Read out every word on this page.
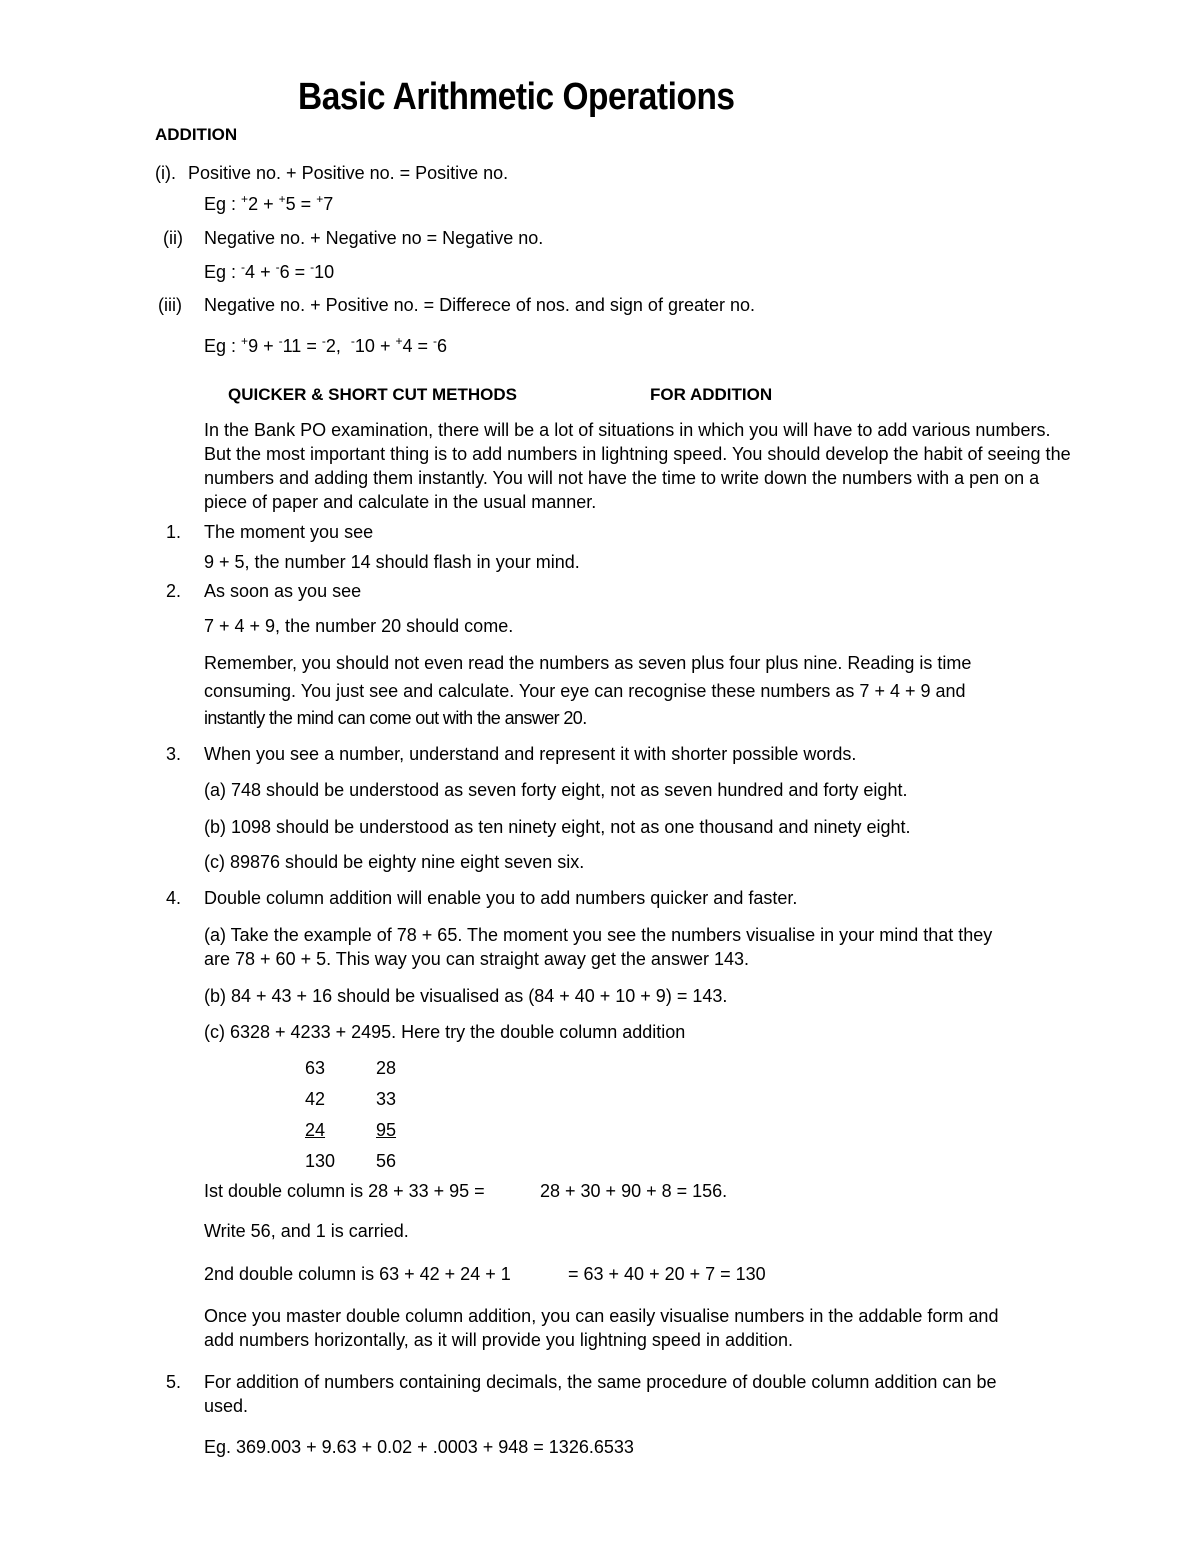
Basic Arithmetic Operations
ADDITION
(i). Positive no. + Positive no. = Positive no.
Eg : +2 + +5 = +7
(ii) Negative no. + Negative no = Negative no.
Eg : -4 + -6 = -10
(iii) Negative no. + Positive no. = Differece of nos. and sign of greater no.
Eg : +9 + -11 = -2, -10 + +4 = -6
QUICKER & SHORT CUT METHODS	FOR ADDITION
In the Bank PO examination, there will be a lot of situations in which you will have to add various numbers. But the most important thing is to add numbers in lightning speed. You should develop the habit of seeing the numbers and adding them instantly. You will not have the time to write down the numbers with a pen on a piece of paper and calculate in the usual manner.
1. The moment you see
9 + 5, the number 14 should flash in your mind.
2. As soon as you see
7 + 4 + 9, the number 20 should come.
Remember, you should not even read the numbers as seven plus four plus nine. Reading is time
consuming. You just see and calculate. Your eye can recognise these numbers as 7 + 4 + 9 and
instantly the mind can come out with the answer 20.
3. When you see a number, understand and represent it with shorter possible words.
(a) 748 should be understood as seven forty eight, not as seven hundred and forty eight.
(b) 1098 should be understood as ten ninety eight, not as one thousand and ninety eight.
(c) 89876 should be eighty nine eight seven six.
4. Double column addition will enable you to add numbers quicker and faster.
(a) Take the example of 78 + 65. The moment you see the numbers visualise in your mind that they
are 78 + 60 + 5. This way you can straight away get the answer 143.
(b) 84 + 43 + 16 should be visualised as (84 + 40 + 10 + 9) = 143.
(c) 6328 + 4233 + 2495. Here try the double column addition
63	28
42	33
24	95
130 56
Ist double column is 28 + 33 + 95 =	28 + 30 + 90 + 8 = 156.
Write 56, and 1 is carried.
2nd double column is 63 + 42 + 24 + 1	= 63 + 40 + 20 + 7 = 130
Once you master double column addition, you can easily visualise numbers in the addable form and
add numbers horizontally, as it will provide you lightning speed in addition.
5. For addition of numbers containing decimals, the same procedure of double column addition can be
used.
Eg. 369.003 + 9.63 + 0.02 + .0003 + 948 = 1326.6533
